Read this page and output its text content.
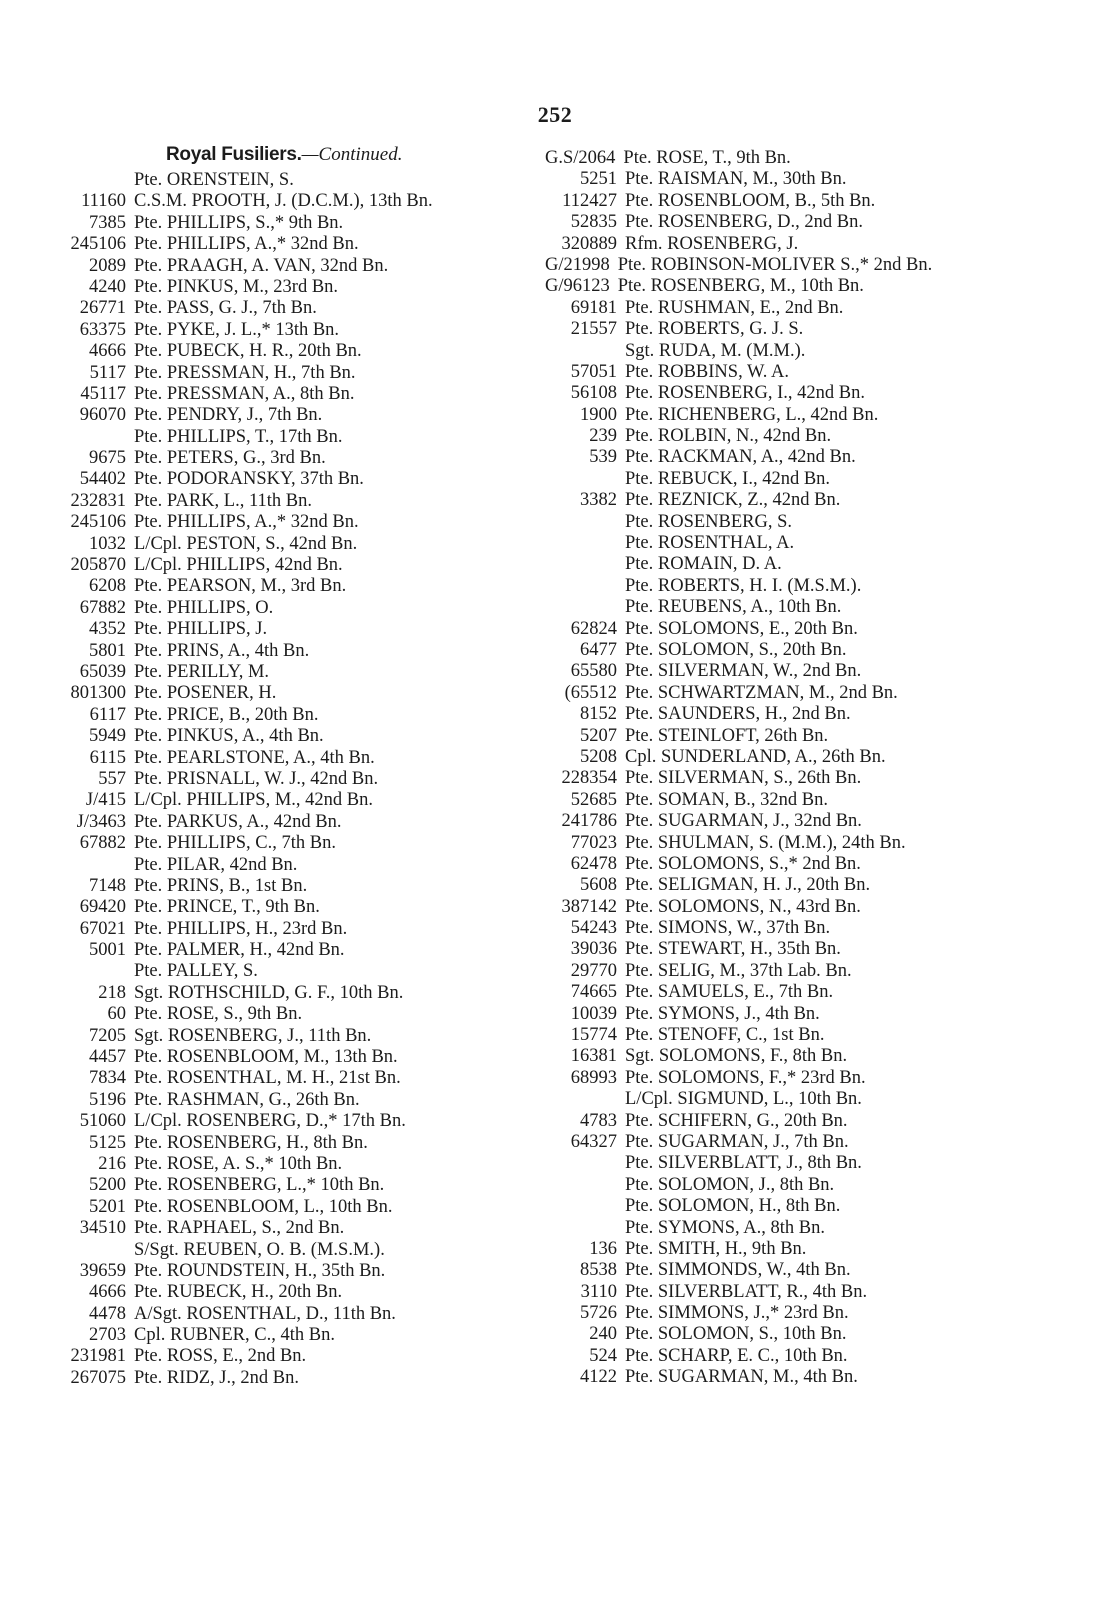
252
Royal Fusiliers.—Continued.
Pte. ORENSTEIN, S.
11160 C.S.M. PROOTH, J. (D.C.M.), 13th Bn.
7385 Pte. PHILLIPS, S.,* 9th Bn.
245106 Pte. PHILLIPS, A.,* 32nd Bn.
2089 Pte. PRAAGH, A. VAN, 32nd Bn.
4240 Pte. PINKUS, M., 23rd Bn.
26771 Pte. PASS, G. J., 7th Bn.
63375 Pte. PYKE, J. L.,* 13th Bn.
4666 Pte. PUBECK, H. R., 20th Bn.
5117 Pte. PRESSMAN, H., 7th Bn.
45117 Pte. PRESSMAN, A., 8th Bn.
96070 Pte. PENDRY, J., 7th Bn.
Pte. PHILLIPS, T., 17th Bn.
9675 Pte. PETERS, G., 3rd Bn.
54402 Pte. PODORANSKY, 37th Bn.
232831 Pte. PARK, L., 11th Bn.
245106 Pte. PHILLIPS, A.,* 32nd Bn.
1032 L/Cpl. PESTON, S., 42nd Bn.
205870 L/Cpl. PHILLIPS, 42nd Bn.
6208 Pte. PEARSON, M., 3rd Bn.
67882 Pte. PHILLIPS, O.
4352 Pte. PHILLIPS, J.
5801 Pte. PRINS, A., 4th Bn.
65039 Pte. PERILLY, M.
801300 Pte. POSENER, H.
6117 Pte. PRICE, B., 20th Bn.
5949 Pte. PINKUS, A., 4th Bn.
6115 Pte. PEARLSTONE, A., 4th Bn.
557 Pte. PRISNALL, W. J., 42nd Bn.
J/415 L/Cpl. PHILLIPS, M., 42nd Bn.
J/3463 Pte. PARKUS, A., 42nd Bn.
67882 Pte. PHILLIPS, C., 7th Bn.
Pte. PILAR, 42nd Bn.
7148 Pte. PRINS, B., 1st Bn.
69420 Pte. PRINCE, T., 9th Bn.
67021 Pte. PHILLIPS, H., 23rd Bn.
5001 Pte. PALMER, H., 42nd Bn.
Pte. PALLEY, S.
218 Sgt. ROTHSCHILD, G. F., 10th Bn.
60 Pte. ROSE, S., 9th Bn.
7205 Sgt. ROSENBERG, J., 11th Bn.
4457 Pte. ROSENBLOOM, M., 13th Bn.
7834 Pte. ROSENTHAL, M. H., 21st Bn.
5196 Pte. RASHMAN, G., 26th Bn.
51060 L/Cpl. ROSENBERG, D.,* 17th Bn.
5125 Pte. ROSENBERG, H., 8th Bn.
216 Pte. ROSE, A. S.,* 10th Bn.
5200 Pte. ROSENBERG, L.,* 10th Bn.
5201 Pte. ROSENBLOOM, L., 10th Bn.
34510 Pte. RAPHAEL, S., 2nd Bn.
S/Sgt. REUBEN, O. B. (M.S.M.).
39659 Pte. ROUNDSTEIN, H., 35th Bn.
4666 Pte. RUBECK, H., 20th Bn.
4478 A/Sgt. ROSENTHAL, D., 11th Bn.
2703 Cpl. RUBNER, C., 4th Bn.
231981 Pte. ROSS, E., 2nd Bn.
267075 Pte. RIDZ, J., 2nd Bn.
G.S/2064 Pte. ROSE, T., 9th Bn.
5251 Pte. RAISMAN, M., 30th Bn.
112427 Pte. ROSENBLOOM, B., 5th Bn.
52835 Pte. ROSENBERG, D., 2nd Bn.
320889 Rfm. ROSENBERG, J.
G/21998 Pte. ROBINSON-MOLIVER S.,* 2nd Bn.
G/96123 Pte. ROSENBERG, M., 10th Bn.
69181 Pte. RUSHMAN, E., 2nd Bn.
21557 Pte. ROBERTS, G. J. S.
Sgt. RUDA, M. (M.M.).
57051 Pte. ROBBINS, W. A.
56108 Pte. ROSENBERG, I., 42nd Bn.
1900 Pte. RICHENBERG, L., 42nd Bn.
239 Pte. ROLBIN, N., 42nd Bn.
539 Pte. RACKMAN, A., 42nd Bn.
Pte. REBUCK, I., 42nd Bn.
3382 Pte. REZNICK, Z., 42nd Bn.
Pte. ROSENBERG, S.
Pte. ROSENTHAL, A.
Pte. ROMAIN, D. A.
Pte. ROBERTS, H. I. (M.S.M.).
Pte. REUBENS, A., 10th Bn.
62824 Pte. SOLOMONS, E., 20th Bn.
6477 Pte. SOLOMON, S., 20th Bn.
65580 Pte. SILVERMAN, W., 2nd Bn.
(65512 Pte. SCHWARTZMAN, M., 2nd Bn.
8152 Pte. SAUNDERS, H., 2nd Bn.
5207 Pte. STEINLOFT, 26th Bn.
5208 Cpl. SUNDERLAND, A., 26th Bn.
228354 Pte. SILVERMAN, S., 26th Bn.
52685 Pte. SOMAN, B., 32nd Bn.
241786 Pte. SUGARMAN, J., 32nd Bn.
77023 Pte. SHULMAN, S. (M.M.), 24th Bn.
62478 Pte. SOLOMONS, S.,* 2nd Bn.
5608 Pte. SELIGMAN, H. J., 20th Bn.
387142 Pte. SOLOMONS, N., 43rd Bn.
54243 Pte. SIMONS, W., 37th Bn.
39036 Pte. STEWART, H., 35th Bn.
29770 Pte. SELIG, M., 37th Lab. Bn.
74665 Pte. SAMUELS, E., 7th Bn.
10039 Pte. SYMONS, J., 4th Bn.
15774 Pte. STENOFF, C., 1st Bn.
16381 Sgt. SOLOMONS, F., 8th Bn.
68993 Pte. SOLOMONS, F.,* 23rd Bn.
L/Cpl. SIGMUND, L., 10th Bn.
4783 Pte. SCHIFERN, G., 20th Bn.
64327 Pte. SUGARMAN, J., 7th Bn.
Pte. SILVERBLATT, J., 8th Bn.
Pte. SOLOMON, J., 8th Bn.
Pte. SOLOMON, H., 8th Bn.
Pte. SYMONS, A., 8th Bn.
136 Pte. SMITH, H., 9th Bn.
8538 Pte. SIMMONDS, W., 4th Bn.
3110 Pte. SILVERBLATT, R., 4th Bn.
5726 Pte. SIMMONS, J.,* 23rd Bn.
240 Pte. SOLOMON, S., 10th Bn.
524 Pte. SCHARP, E. C., 10th Bn.
4122 Pte. SUGARMAN, M., 4th Bn.
